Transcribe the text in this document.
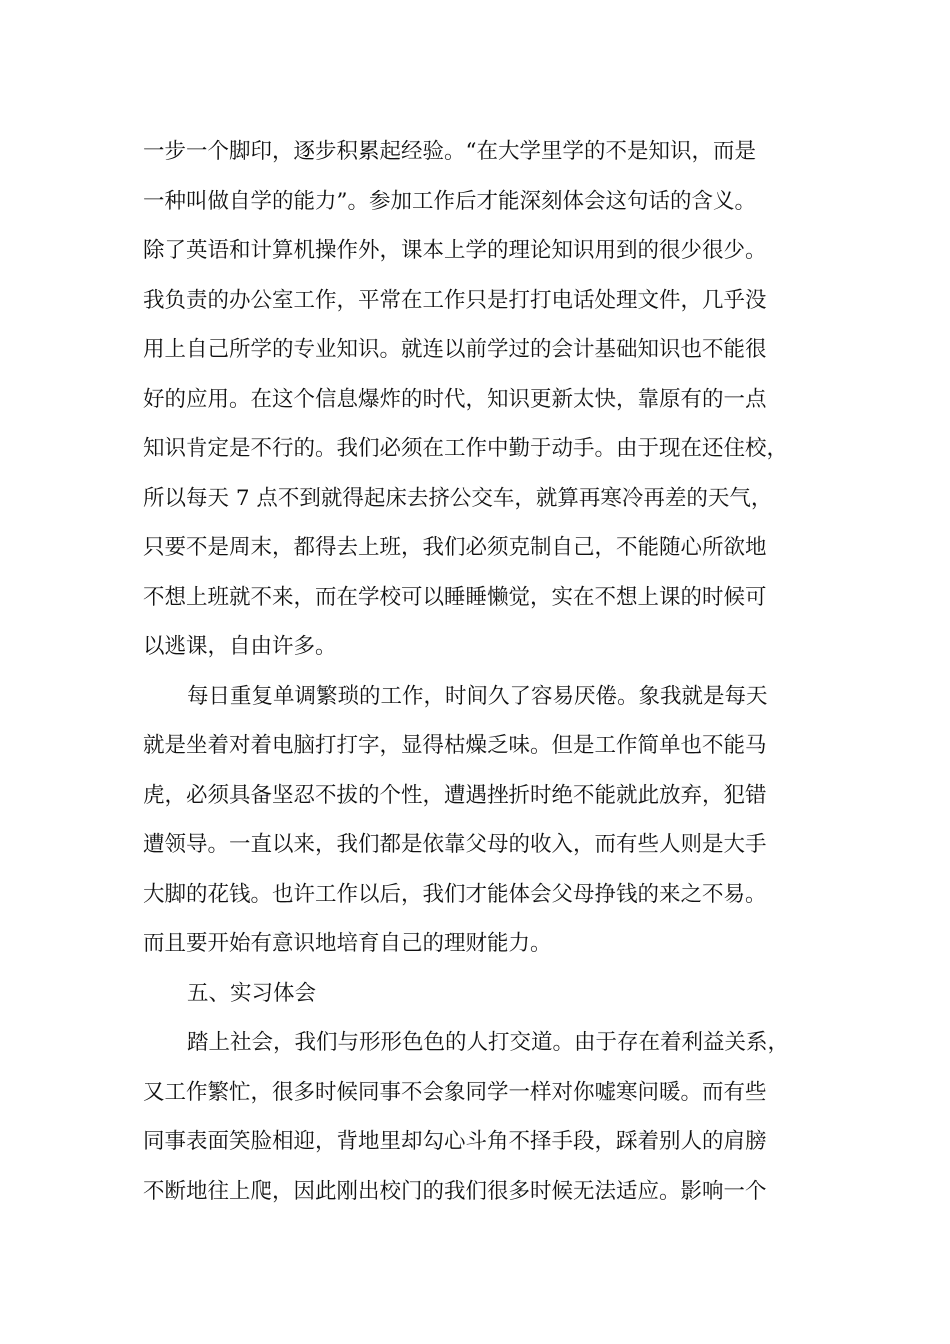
一步一个脚印，逐步积累起经验。“在大学里学的不是知识，而是
一种叫做自学的能力”。参加工作后才能深刻体会这句话的含义。
除了英语和计算机操作外，课本上学的理论知识用到的很少很少。
我负责的办公室工作，平常在工作只是打打电话处理文件，几乎没
用上自己所学的专业知识。就连以前学过的会计基础知识也不能很
好的应用。在这个信息爆炸的时代，知识更新太快，靠原有的一点
知识肯定是不行的。我们必须在工作中勤于动手。由于现在还住校，
所以每天 7 点不到就得起床去挤公交车，就算再寒冷再差的天气，
只要不是周末，都得去上班，我们必须克制自己，不能随心所欲地
不想上班就不来，而在学校可以睡睡懒觉，实在不想上课的时候可
以逃课，自由许多。
每日重复单调繁琐的工作，时间久了容易厌倦。象我就是每天
就是坐着对着电脑打打字，显得枯燥乏味。但是工作简单也不能马
虎，必须具备坚忍不拔的个性，遭遇挫折时绝不能就此放弃，犯错
遭领导。一直以来，我们都是依靠父母的收入，而有些人则是大手
大脚的花钱。也许工作以后，我们才能体会父母挣钱的来之不易。
而且要开始有意识地培育自己的理财能力。
五、实习体会
踏上社会，我们与形形色色的人打交道。由于存在着利益关系，
又工作繁忙，很多时候同事不会象同学一样对你嘘寒问暖。而有些
同事表面笑脸相迎，背地里却勾心斗角不择手段，踩着别人的肩膀
不断地往上爬，因此刚出校门的我们很多时候无法适应。影响一个
